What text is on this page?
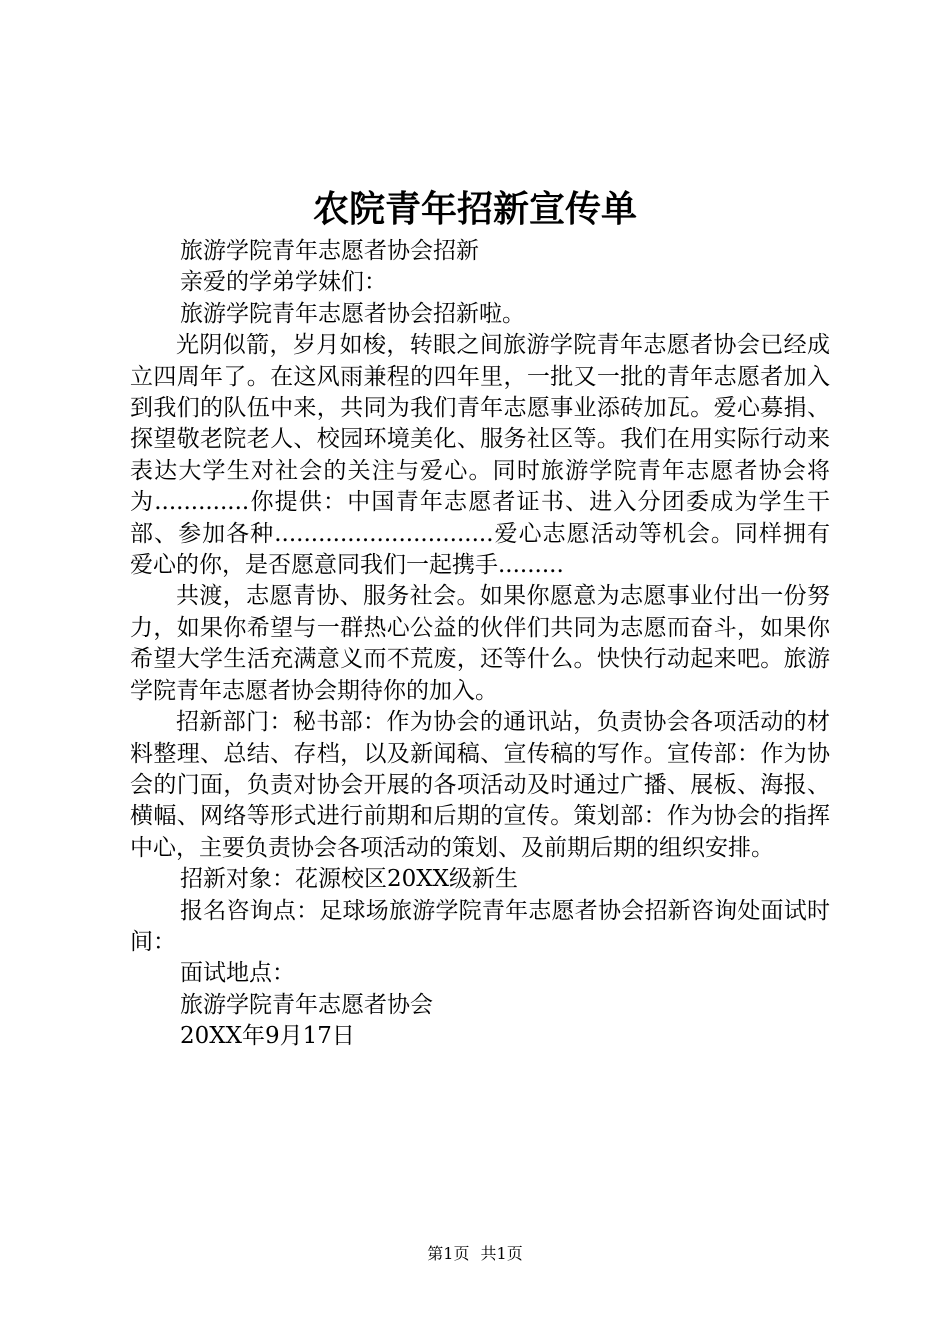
农院青年招新宣传单

旅游学院青年志愿者协会招新

亲爱的学弟学妹们：

旅游学院青年志愿者协会招新啦。

光阴似箭，岁月如梭，转眼之间旅游学院青年志愿者协会已经成立四周年了。在这风雨兼程的四年里，一批又一批的青年志愿者加入到我们的队伍中来，共同为我们青年志愿事业添砖加瓦。爱心募捐、探望敬老院老人、校园环境美化、服务社区等。我们在用实际行动来表达大学生对社会的关注与爱心。同时旅游学院青年志愿者协会将为.............你提供：中国青年志愿者证书、进入分团委成为学生干部、参加各种..............................爱心志愿活动等机会。同样拥有爱心的你，是否愿意同我们一起携手.........

共渡，志愿青协、服务社会。如果你愿意为志愿事业付出一份努力，如果你希望与一群热心公益的伙伴们共同为志愿而奋斗，如果你希望大学生活充满意义而不荒废，还等什么。快快行动起来吧。旅游学院青年志愿者协会期待你的加入。

招新部门：秘书部：作为协会的通讯站，负责协会各项活动的材料整理、总结、存档，以及新闻稿、宣传稿的写作。宣传部：作为协会的门面，负责对协会开展的各项活动及时通过广播、展板、海报、横幅、网络等形式进行前期和后期的宣传。策划部：作为协会的指挥中心，主要负责协会各项活动的策划、及前期后期的组织安排。

招新对象：花源校区20XX级新生

报名咨询点：足球场旅游学院青年志愿者协会招新咨询处面试时间：

面试地点：

旅游学院青年志愿者协会

20XX年9月17日

第1页 共1页
